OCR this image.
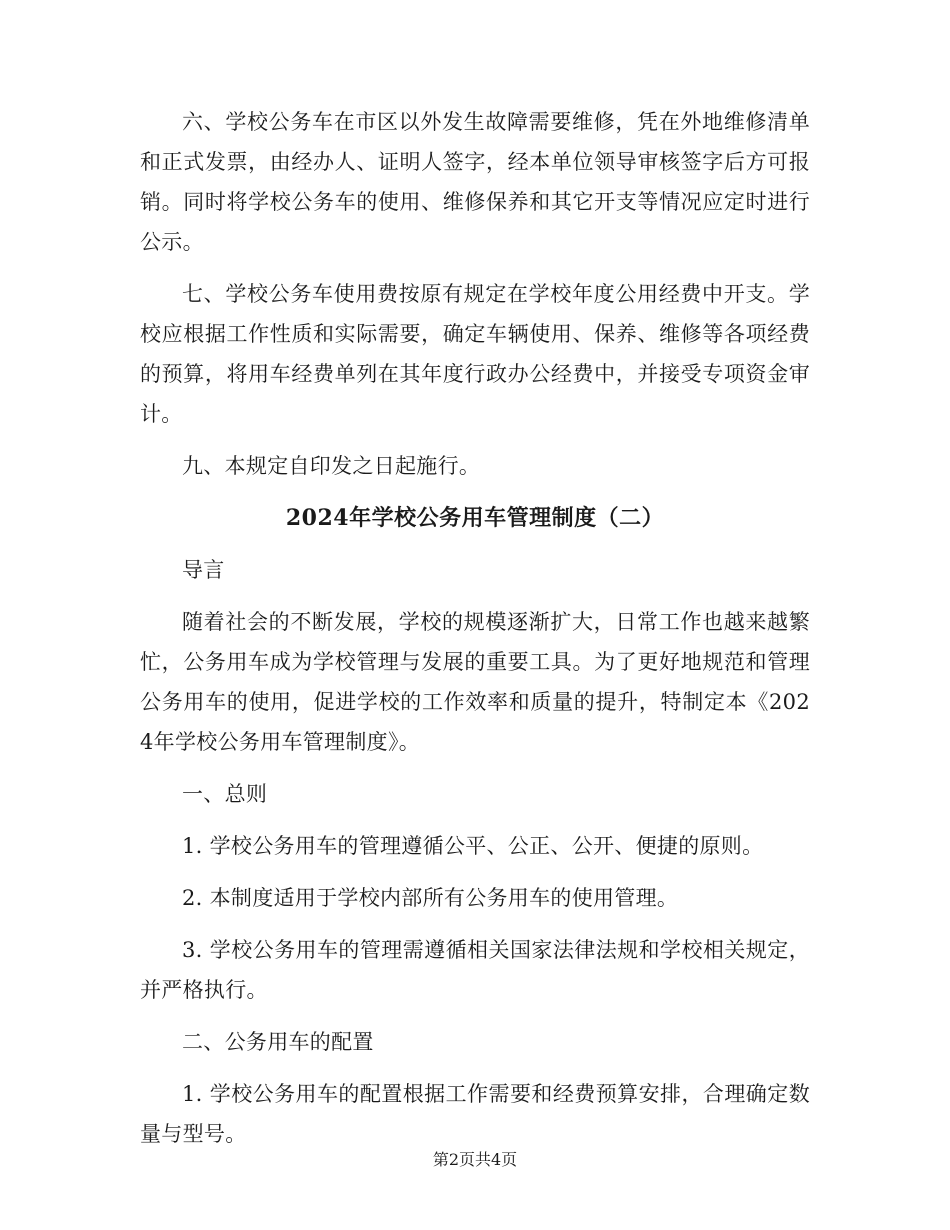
六、学校公务车在市区以外发生故障需要维修，凭在外地维修清单和正式发票，由经办人、证明人签字，经本单位领导审核签字后方可报销。同时将学校公务车的使用、维修保养和其它开支等情况应定时进行公示。

七、学校公务车使用费按原有规定在学校年度公用经费中开支。学校应根据工作性质和实际需要，确定车辆使用、保养、维修等各项经费的预算，将用车经费单列在其年度行政办公经费中，并接受专项资金审计。

九、本规定自印发之日起施行。

2024年学校公务用车管理制度（二）

导言

随着社会的不断发展，学校的规模逐渐扩大，日常工作也越来越繁忙，公务用车成为学校管理与发展的重要工具。为了更好地规范和管理公务用车的使用，促进学校的工作效率和质量的提升，特制定本《2024年学校公务用车管理制度》。

一、总则

1. 学校公务用车的管理遵循公平、公正、公开、便捷的原则。

2. 本制度适用于学校内部所有公务用车的使用管理。

3. 学校公务用车的管理需遵循相关国家法律法规和学校相关规定，并严格执行。

二、公务用车的配置

1. 学校公务用车的配置根据工作需要和经费预算安排，合理确定数量与型号。

第2页共4页
